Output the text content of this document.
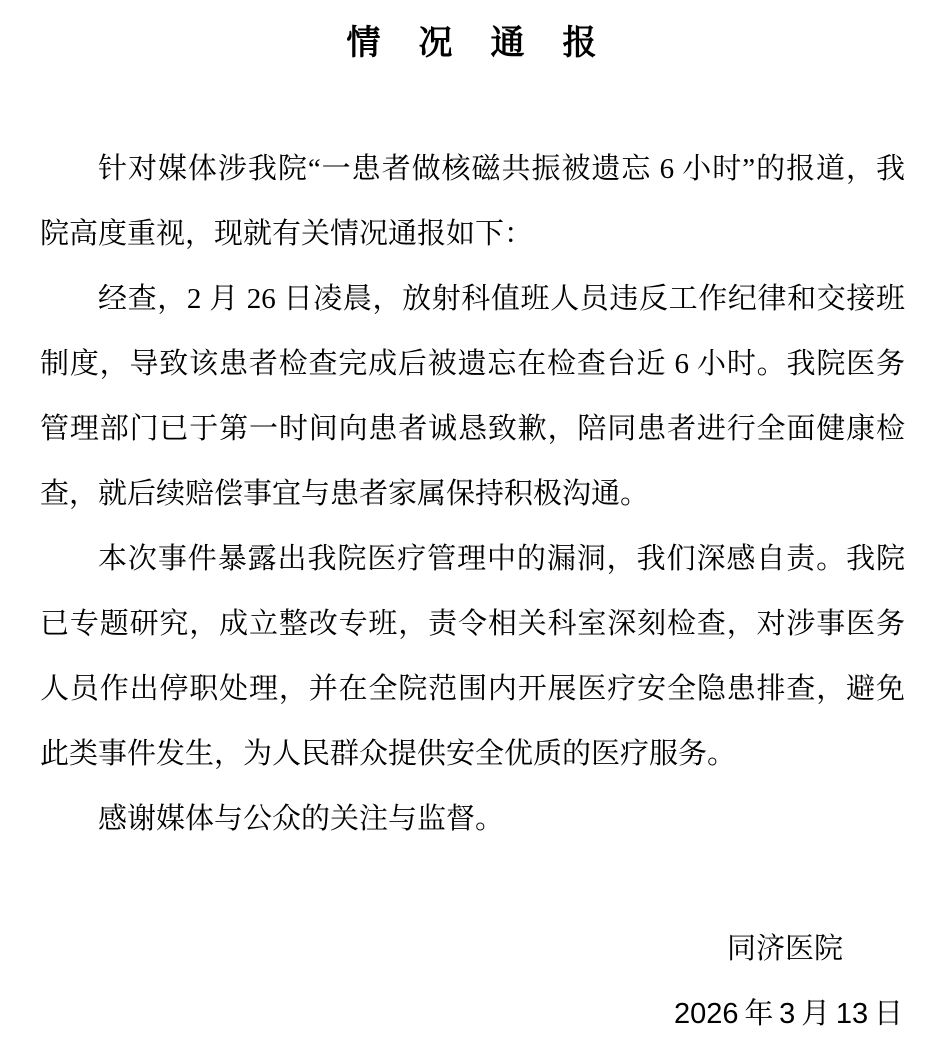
情　况　通　报

针对媒体涉我院“一患者做核磁共振被遗忘 6 小时”的报道，我院高度重视，现就有关情况通报如下：

经查，2 月 26 日凌晨，放射科值班人员违反工作纪律和交接班制度，导致该患者检查完成后被遗忘在检查台近 6 小时。我院医务管理部门已于第一时间向患者诚恳致歉，陪同患者进行全面健康检查，就后续赔偿事宜与患者家属保持积极沟通。

本次事件暴露出我院医疗管理中的漏洞，我们深感自责。我院已专题研究，成立整改专班，责令相关科室深刻检查，对涉事医务人员作出停职处理，并在全院范围内开展医疗安全隐患排查，避免此类事件发生，为人民群众提供安全优质的医疗服务。

感谢媒体与公众的关注与监督。

同济医院
2026 年 3 月 13 日
